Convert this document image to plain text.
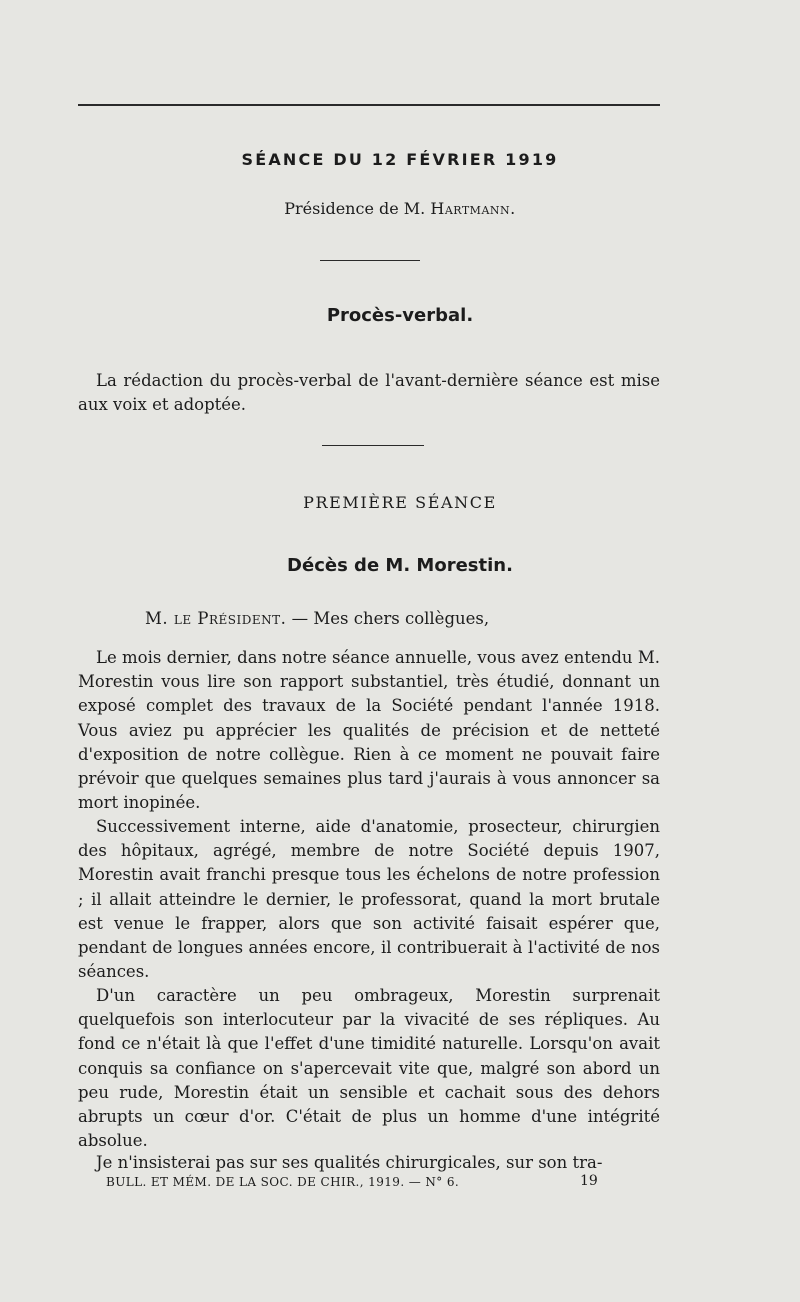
SÉANCE DU 12 FÉVRIER 1919
Présidence de M. Hartmann.
Procès-verbal.

La rédaction du procès-verbal de l'avant-dernière séance est mise aux voix et adoptée.

PREMIÈRE SÉANCE
Décès de M. Morestin.
M. le Président. — Mes chers collègues,

Le mois dernier, dans notre séance annuelle, vous avez entendu M. Morestin vous lire son rapport substantiel, très étudié, donnant un exposé complet des travaux de la Société pendant l'année 1918. Vous aviez pu apprécier les qualités de précision et de netteté d'exposition de notre collègue. Rien à ce moment ne pouvait faire prévoir que quelques semaines plus tard j'aurais à vous annoncer sa mort inopinée.

Successivement interne, aide d'anatomie, prosecteur, chirurgien des hôpitaux, agrégé, membre de notre Société depuis 1907, Morestin avait franchi presque tous les échelons de notre profession ; il allait atteindre le dernier, le professorat, quand la mort brutale est venue le frapper, alors que son activité faisait espérer que, pendant de longues années encore, il contribuerait à l'activité de nos séances.

D'un caractère un peu ombrageux, Morestin surprenait quelquefois son interlocuteur par la vivacité de ses répliques. Au fond ce n'était là que l'effet d'une timidité naturelle. Lorsqu'on avait conquis sa confiance on s'apercevait vite que, malgré son abord un peu rude, Morestin était un sensible et cachait sous des dehors abrupts un cœur d'or. C'était de plus un homme d'une intégrité absolue.

Je n'insisterai pas sur ses qualités chirurgicales, sur son tra-

BULL. ET MÉM. DE LA SOC. DE CHIR., 1919. — N° 6.	19
